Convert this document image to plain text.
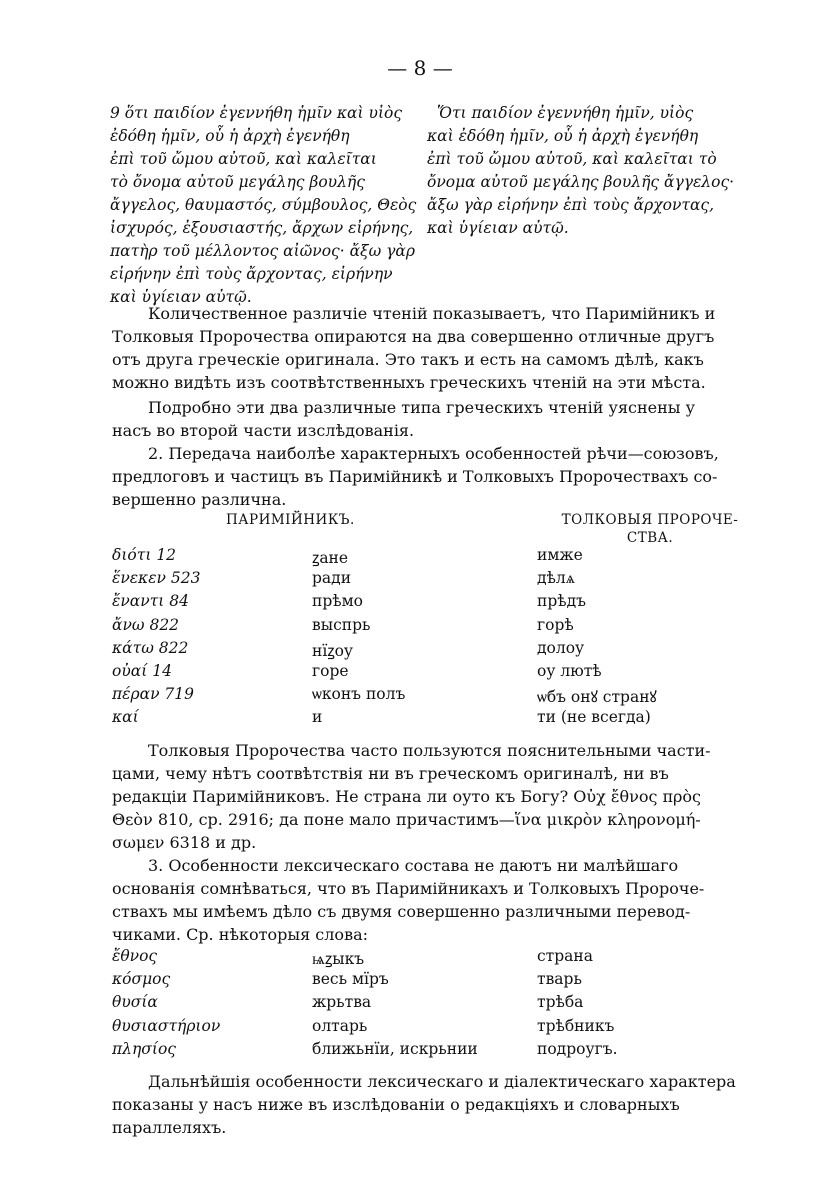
— 8 —
9 ὅτι παιδίον ἐγεννήθη ἡμῖν καὶ υἱὸς
ἐδόθη ἡμῖν, οὗ ἡ ἀρχὴ ἐγενήθη
ἐπὶ τοῦ ὤμου αὐτοῦ, καὶ καλεῖται
τὸ ὄνομα αὐτοῦ μεγάλης βουλῆς
ἄγγελος, θαυμαστός, σύμβουλος, Θεὸς
ἰσχυρός, ἐξουσιαστής, ἄρχων εἰρήνης,
πατὴρ τοῦ μέλλοντος αἰῶνος· ἄξω γὰρ
εἰρήνην ἐπὶ τοὺς ἄρχοντας, εἰρήνην
καὶ ὑγίειαν αὐτῷ.
Ὅτι παιδίον ἐγεννήθη ἡμῖν, υἱὸς
καὶ ἐδόθη ἡμῖν, οὗ ἡ ἀρχὴ ἐγενήθη
ἐπὶ τοῦ ὤμου αὐτοῦ, καὶ καλεῖται τὸ
ὄνομα αὐτοῦ μεγάλης βουλῆς ἄγγελος·
ἄξω γὰρ εἰρήνην ἐπὶ τοὺς ἄρχοντας,
καὶ ὑγίειαν αὐτῷ.

Количественное различіе чтеній показываетъ, что Паримійникъ и

Толковыя Пророчества опираются на два совершенно отличные другъ
отъ друга греческіе оригинала. Это такъ и есть на самомъ дѣлѣ, какъ
можно видѣть изъ соотвѣтственныхъ греческихъ чтеній на эти мѣста.

Подробно эти два различные типа греческихъ чтеній уяснены у

насъ во второй части изслѣдованія.

2. Передача наиболѣе характерныхъ особенностей рѣчи—союзовъ,

предлоговъ и частицъ въ Паримійникѣ и Толковыхъ Пророчествахъ со-
вершенно различна.
ПАРИМІЙНИКЪ.	ТОЛКОВЫЯ ПРОРОЧЕ-
СТВА.
διότι 12	ꙁане	имже
ἕνεκεν 523	ради	дѣлѧ
ἔναντι 84	прѣмо	прѣдъ
ἄνω 822	выспрь	горѣ
κάτω 822	нїꙁоу	долоу
οὐαί 14	горе	оу лютѣ
πέραν 719	ѡконъ полъ	ѡбъ онꙋ странꙋ
καί	и	ти (не всегда)

Толковыя Пророчества часто пользуются пояснительными части-

цами, чему нѣтъ соотвѣтствія ни въ греческомъ оригиналѣ, ни въ
редакціи Паримійниковъ. Не страна ли оуто къ Богу? Οὐχ ἔθνος πρὸς
Θεὸν 810, ср. 2916; да поне мало причастимъ—ἵνα μικρὸν κληρονομή-
σωμεν 6318 и др.

3. Особенности лексическаго состава не даютъ ни малѣйшаго

основанія сомнѣваться, что въ Паримійникахъ и Толковыхъ Пророче-
ствахъ мы имѣемъ дѣло съ двумя совершенно различными перевод-
чиками. Ср. нѣкоторыя слова:
ἔθνος	ѩꙁыкъ	страна
κόσμος	весь мїръ	тварь
θυσία	жрьтва	трѣба
θυσιαστήριον	олтарь	трѣбникъ
πλησίος	ближьнїи, искрьнии	подроугъ.

Дальнѣйшія особенности лексическаго и діалектическаго характера

показаны у насъ ниже въ изслѣдованіи о редакціяхъ и словарныхъ
параллеляхъ.
